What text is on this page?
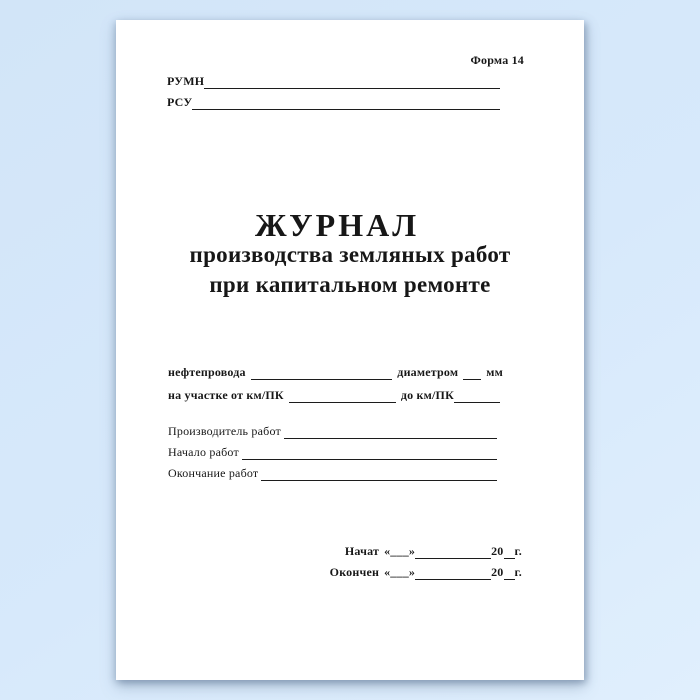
Форма 14
РУМН
РСУ
ЖУРНАЛ
производства земляных работ
при капитальном ремонте
нефтепровода	диаметром мм
на участке от км/ПК	до км/ПК
Производитель работ
Начало работ
Окончание работ
Начат «___»	20 г.
Окончен «___»	20 г.
